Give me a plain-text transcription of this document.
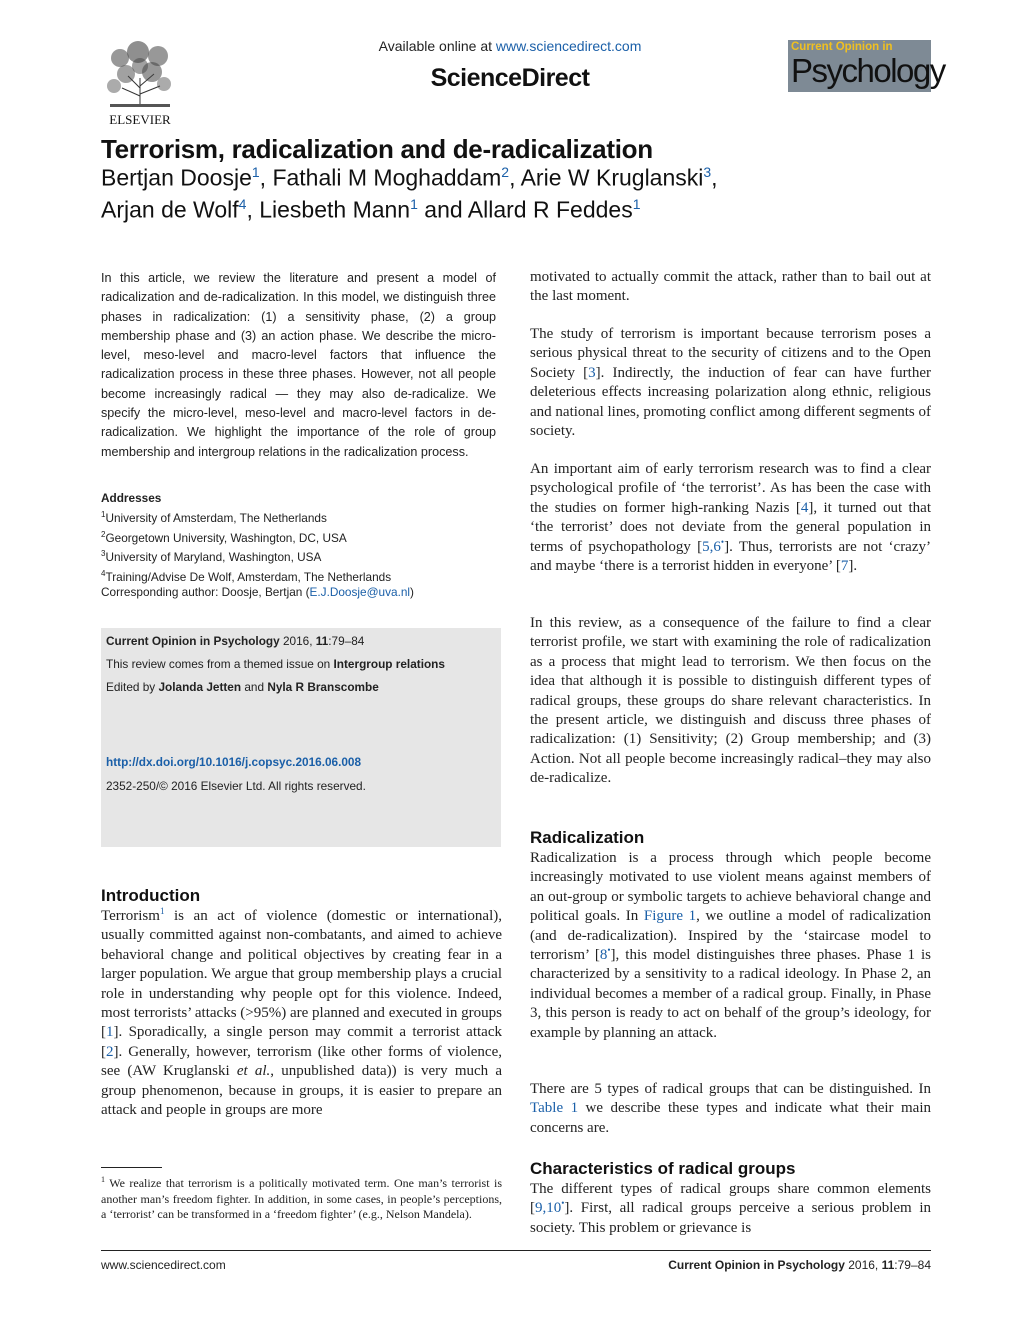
ELSEVIER
Available online at www.sciencedirect.com
ScienceDirect
Current Opinion in
Psychology
Terrorism, radicalization and de-radicalization
Bertjan Doosje$^1$, Fathali M Moghaddam$^2$, Arie W Kruglanski$^3$,
Arjan de Wolf$^4$, Liesbeth Mann$^1$ and Allard R Feddes$^1$
In this article, we review the literature and present a model of radicalization and de-radicalization. In this model, we distinguish three phases in radicalization: (1) a sensitivity phase, (2) a group membership phase and (3) an action phase. We describe the micro-level, meso-level and macro-level factors that influence the radicalization process in these three phases. However, not all people become increasingly radical — they may also de-radicalize. We specify the micro-level, meso-level and macro-level factors in de-radicalization. We highlight the importance of the role of group membership and intergroup relations in the radicalization process.
Addresses
$^1$University of Amsterdam, The Netherlands
$^2$Georgetown University, Washington, DC, USA
$^3$University of Maryland, Washington, USA
$^4$Training/Advise De Wolf, Amsterdam, The Netherlands
Corresponding author: Doosje, Bertjan (E.J.Doosje@uva.nl)
Current Opinion in Psychology 2016, 11:79–84
This review comes from a themed issue on Intergroup relations
Edited by Jolanda Jetten and Nyla R Branscombe
http://dx.doi.org/10.1016/j.copsyc.2016.06.008
2352-250/© 2016 Elsevier Ltd. All rights reserved.
Introduction
Terrorism$^1$ is an act of violence (domestic or international), usually committed against non-combatants, and aimed to achieve behavioral change and political objectives by creating fear in a larger population. We argue that group membership plays a crucial role in understanding why people opt for this violence. Indeed, most terrorists’ attacks (>95%) are planned and executed in groups [1]. Sporadically, a single person may commit a terrorist attack [2]. Generally, however, terrorism (like other forms of violence, see (AW Kruglanski et al., unpublished data)) is very much a group phenomenon, because in groups, it is easier to prepare an attack and people in groups are more
$^1$ We realize that terrorism is a politically motivated term. One man’s terrorist is another man’s freedom fighter. In addition, in some cases, in people’s perceptions, a ‘terrorist’ can be transformed in a ‘freedom fighter’ (e.g., Nelson Mandela).
motivated to actually commit the attack, rather than to bail out at the last moment.
The study of terrorism is important because terrorism poses a serious physical threat to the security of citizens and to the Open Society [3]. Indirectly, the induction of fear can have further deleterious effects increasing polarization along ethnic, religious and national lines, promoting conflict among different segments of society.
An important aim of early terrorism research was to find a clear psychological profile of ‘the terrorist’. As has been the case with the studies on former high-ranking Nazis [4], it turned out that ‘the terrorist’ does not deviate from the general population in terms of psychopathology [5,6•]. Thus, terrorists are not ‘crazy’ and maybe ‘there is a terrorist hidden in everyone’ [7].
In this review, as a consequence of the failure to find a clear terrorist profile, we start with examining the role of radicalization as a process that might lead to terrorism. We then focus on the idea that although it is possible to distinguish different types of radical groups, these groups do share relevant characteristics. In the present article, we distinguish and discuss three phases of radicalization: (1) Sensitivity; (2) Group membership; and (3) Action. Not all people become increasingly radical–they may also de-radicalize.
Radicalization
Radicalization is a process through which people become increasingly motivated to use violent means against members of an out-group or symbolic targets to achieve behavioral change and political goals. In Figure 1, we outline a model of radicalization (and de-radicalization). Inspired by the ‘staircase model to terrorism’ [8•], this model distinguishes three phases. Phase 1 is characterized by a sensitivity to a radical ideology. In Phase 2, an individual becomes a member of a radical group. Finally, in Phase 3, this person is ready to act on behalf of the group’s ideology, for example by planning an attack.
There are 5 types of radical groups that can be distinguished. In Table 1 we describe these types and indicate what their main concerns are.
Characteristics of radical groups
The different types of radical groups share common elements [9,10•]. First, all radical groups perceive a serious problem in society. This problem or grievance is
www.sciencedirect.com	Current Opinion in Psychology 2016, 11:79–84
